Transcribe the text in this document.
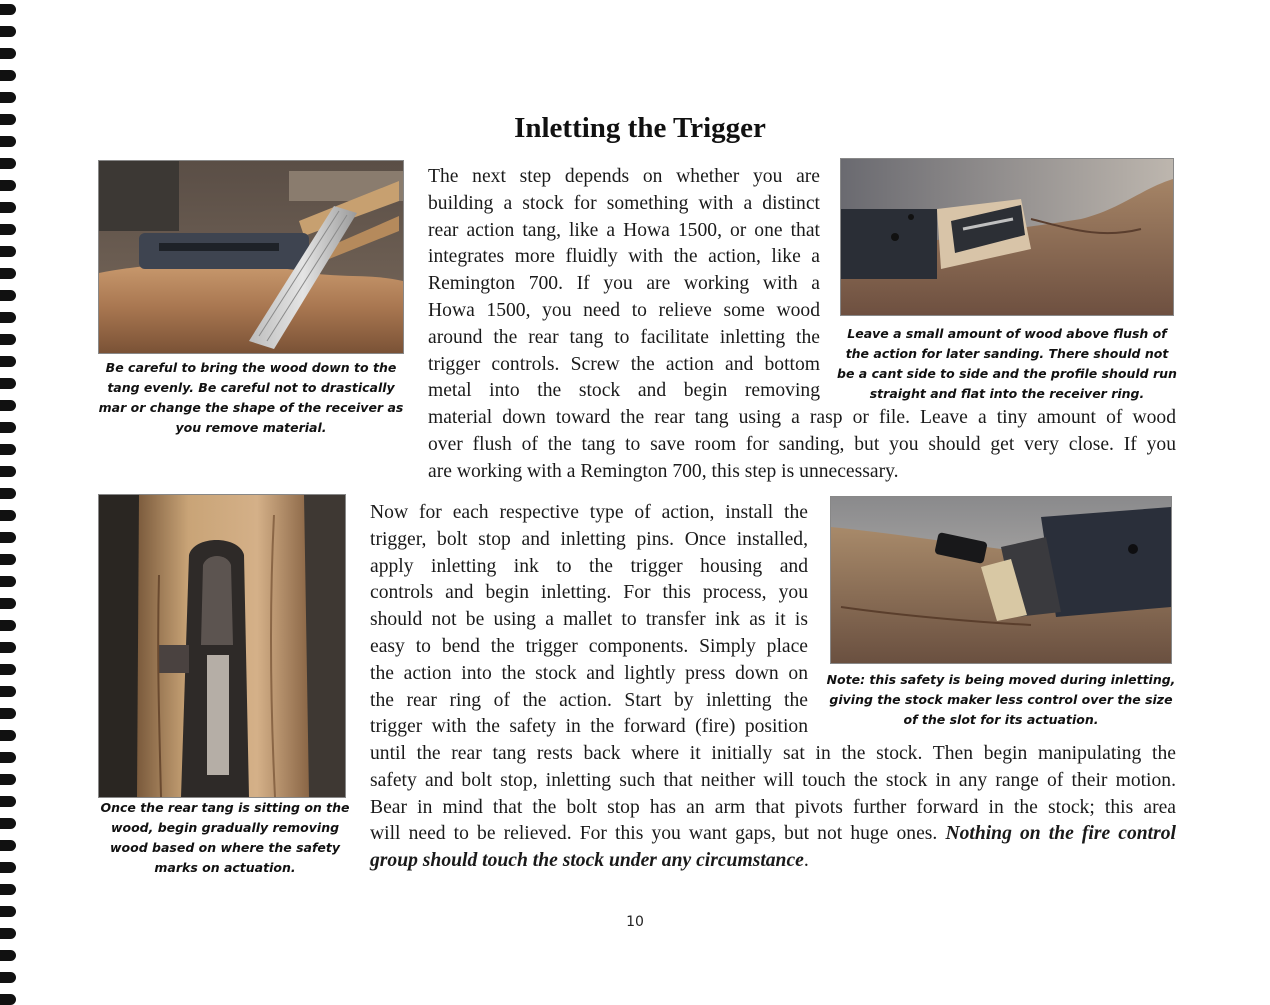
Inletting the Trigger
Be careful to bring the wood down to the
tang evenly. Be careful not to drastically
mar or change the shape of the receiver as
you remove material.
Leave a small amount of wood above flush of
the action for later sanding. There should not
be a cant side to side and the profile should run
straight and flat into the receiver ring.
Once the rear tang is sitting on the
wood, begin gradually removing
wood based on where the safety
marks on actuation.
Note: this safety is being moved during inletting,
giving the stock maker less control over the size
of the slot for its actuation.
The next step depends on whether you are
building a stock for something with a distinct
rear action tang, like a Howa 1500, or one that
integrates more fluidly with the action, like a
Remington 700. If you are working with a
Howa 1500, you need to relieve some wood
around the rear tang to facilitate inletting the
trigger controls. Screw the action and bottom
metal into the stock and begin removing
material down toward the rear tang using a rasp or file. Leave a tiny amount of wood
over flush of the tang to save room for sanding, but you should get very close. If you
are working with a Remington 700, this step is unnecessary.
Now for each respective type of action, install the
trigger, bolt stop and inletting pins. Once installed,
apply inletting ink to the trigger housing and
controls and begin inletting. For this process, you
should not be using a mallet to transfer ink as it is
easy to bend the trigger components. Simply place
the action into the stock and lightly press down on
the rear ring of the action. Start by inletting the
trigger with the safety in the forward (fire) position
until the rear tang rests back where it initially sat in the stock. Then begin manipulating the
safety and bolt stop, inletting such that neither will touch the stock in any range of their motion.
Bear in mind that the bolt stop has an arm that pivots further forward in the stock; this area
will need to be relieved. For this you want gaps, but not huge ones. Nothing on the fire control
group should touch the stock under any circumstance.
10
